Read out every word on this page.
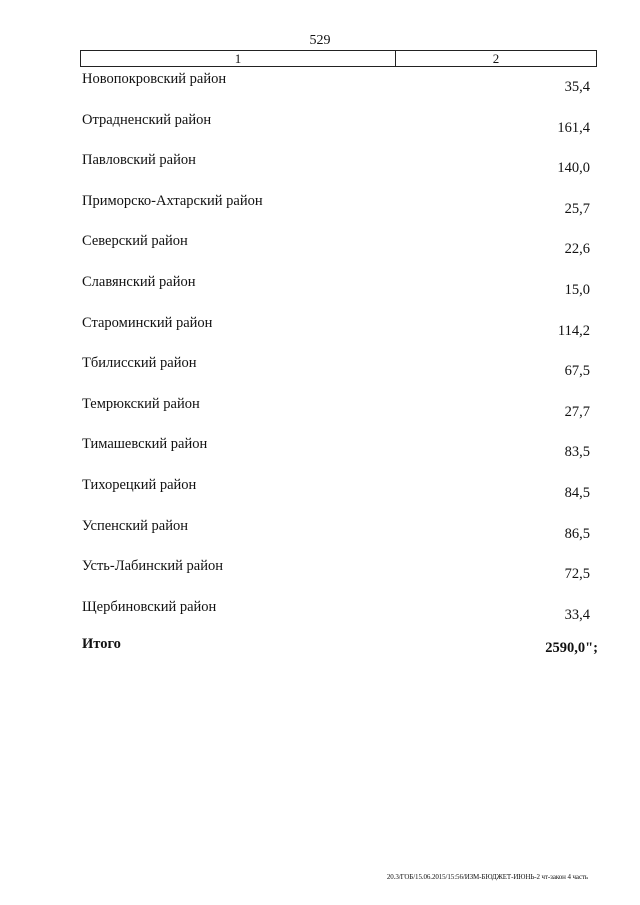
529
1	2
Новопокровский район	35,4
Отрадненский район	161,4
Павловский район	140,0
Приморско-Ахтарский район	25,7
Северский район	22,6
Славянский район	15,0
Староминский район	114,2
Тбилисский район	67,5
Темрюкский район	27,7
Тимашевский район	83,5
Тихорецкий район	84,5
Успенский район	86,5
Усть-Лабинский район	72,5
Щербиновский район	33,4
Итого	2590,0";
20.3/ГОБ/15.06.2015/15:56/ИЗМ-БЮДЖЕТ-ИЮНЬ-2 чт-закон 4 часть
